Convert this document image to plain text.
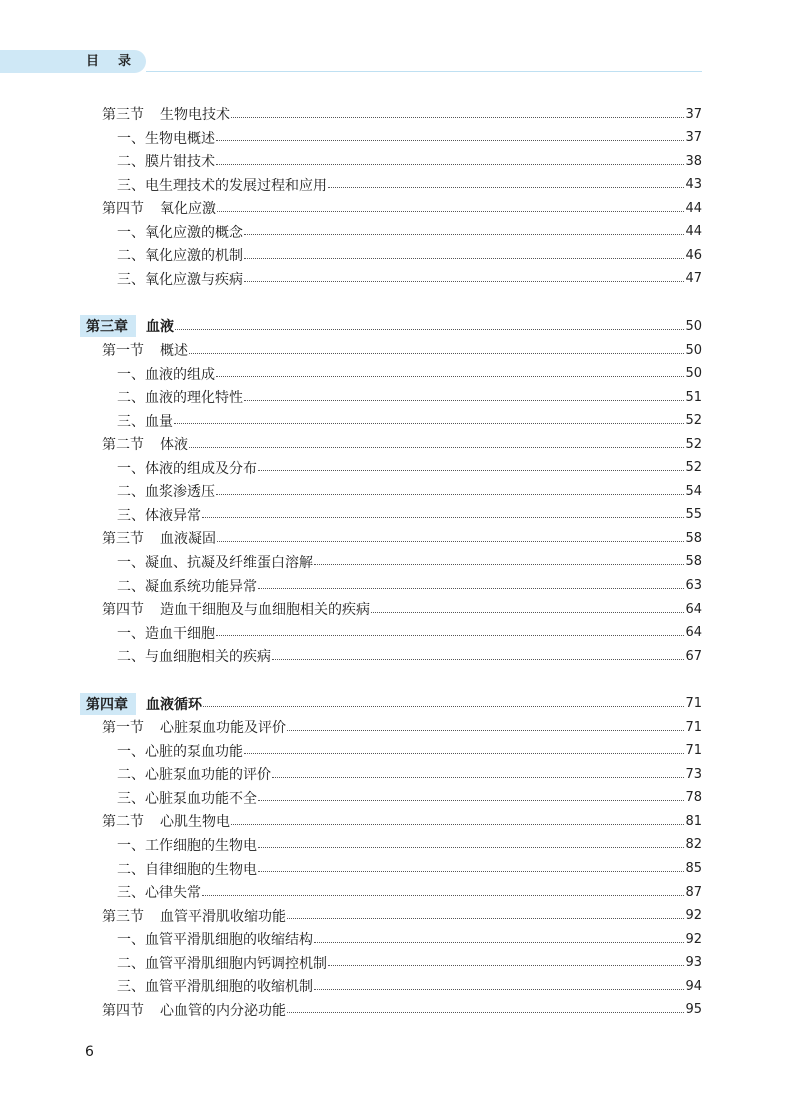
目录
第三节 生物电技术	37
一、生物电概述	37
二、膜片钳技术	38
三、电生理技术的发展过程和应用	43
第四节 氧化应激	44
一、氧化应激的概念	44
二、氧化应激的机制	46
三、氧化应激与疾病	47
第三章	血液	50
第一节 概述	50
一、血液的组成	50
二、血液的理化特性	51
三、血量	52
第二节 体液	52
一、体液的组成及分布	52
二、血浆渗透压	54
三、体液异常	55
第三节 血液凝固	58
一、凝血、抗凝及纤维蛋白溶解	58
二、凝血系统功能异常	63
第四节 造血干细胞及与血细胞相关的疾病	64
一、造血干细胞	64
二、与血细胞相关的疾病	67
第四章	血液循环	71
第一节 心脏泵血功能及评价	71
一、心脏的泵血功能	71
二、心脏泵血功能的评价	73
三、心脏泵血功能不全	78
第二节 心肌生物电	81
一、工作细胞的生物电	82
二、自律细胞的生物电	85
三、心律失常	87
第三节 血管平滑肌收缩功能	92
一、血管平滑肌细胞的收缩结构	92
二、血管平滑肌细胞内钙调控机制	93
三、血管平滑肌细胞的收缩机制	94
第四节 心血管的内分泌功能	95
6
